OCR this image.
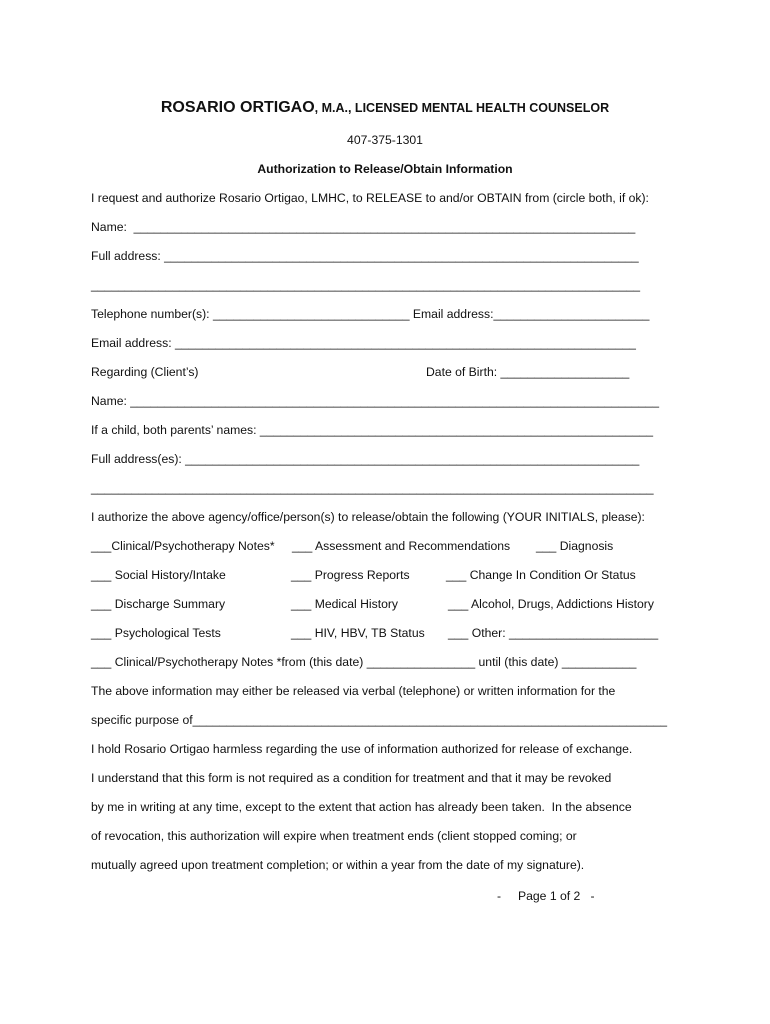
ROSARIO ORTIGAO, M.A., LICENSED MENTAL HEALTH COUNSELOR
407-375-1301
Authorization to Release/Obtain Information
I request and authorize Rosario Ortigao, LMHC, to RELEASE to and/or OBTAIN from (circle both, if ok):
Name:  __________________________________________________________________________
Full address: ______________________________________________________________________
_________________________________________________________________________________
Telephone number(s): _____________________________ Email address:_______________________
Email address: ____________________________________________________________________
Regarding (Client’s)	Date of Birth: ___________________
Name: ______________________________________________________________________________
If a child, both parents’ names: __________________________________________________________
Full address(es): ___________________________________________________________________
___________________________________________________________________________________
I authorize the above agency/office/person(s) to release/obtain the following (YOUR INITIALS, please):
___Clinical/Psychotherapy Notes* ___ Assessment and Recommendations ___ Diagnosis
___ Social History/Intake	___ Progress Reports	___ Change In Condition Or Status
___ Discharge Summary	___ Medical History	___ Alcohol, Drugs, Addictions History
___ Psychological Tests	___ HIV, HBV, TB Status ___ Other: ______________________
___ Clinical/Psychotherapy Notes *from (this date) ________________ until (this date) ___________
The above information may either be released via verbal (telephone) or written information for the
specific purpose of______________________________________________________________________
I hold Rosario Ortigao harmless regarding the use of information authorized for release of exchange.
I understand that this form is not required as a condition for treatment and that it may be revoked
by me in writing at any time, except to the extent that action has already been taken.  In the absence
of revocation, this authorization will expire when treatment ends (client stopped coming; or
mutually agreed upon treatment completion; or within a year from the date of my signature).
-     Page 1 of 2   -
